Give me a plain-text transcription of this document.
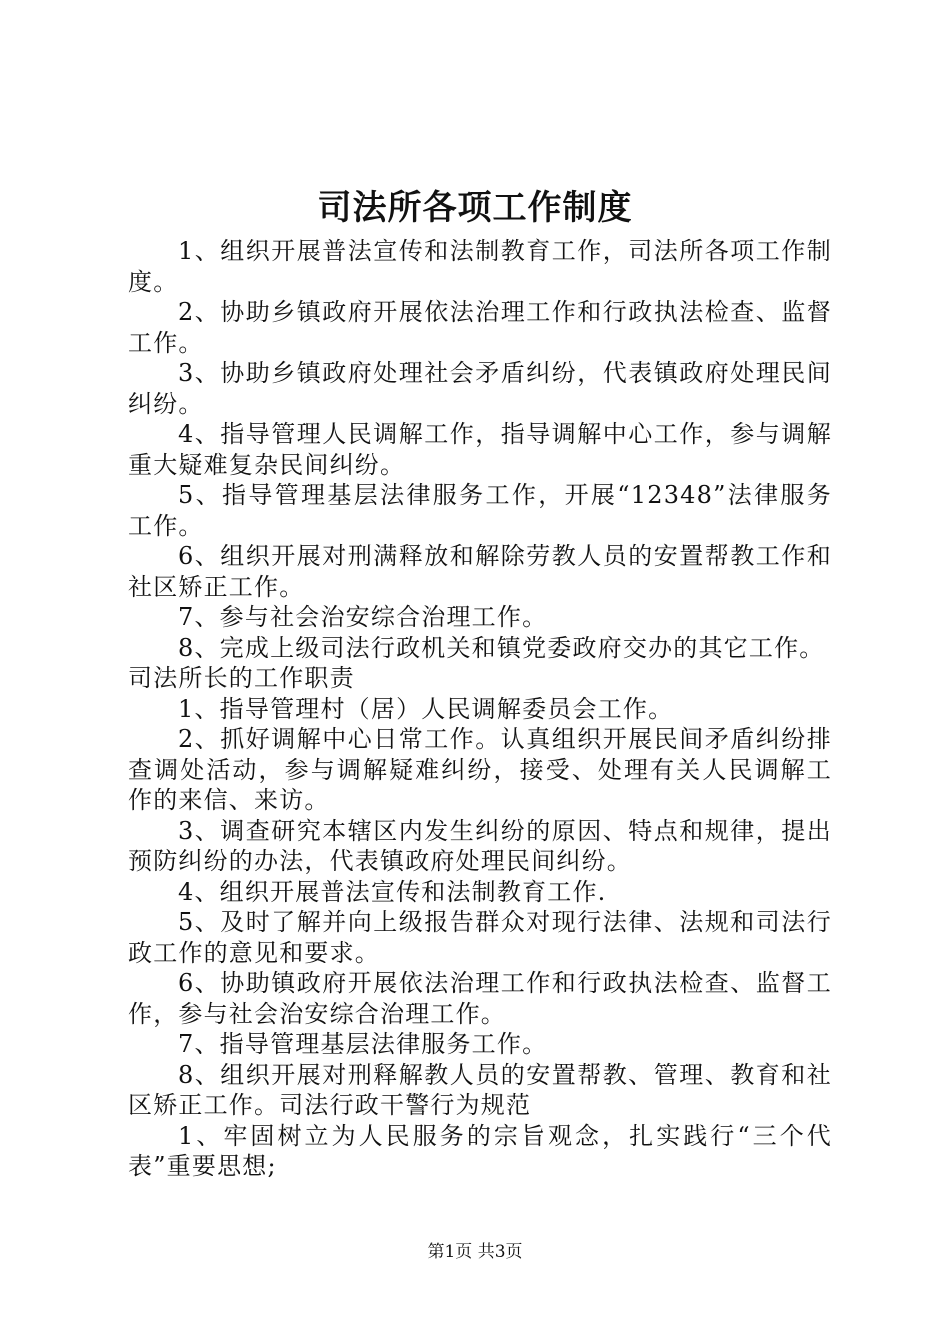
司法所各项工作制度

1、组织开展普法宣传和法制教育工作，司法所各项工作制度。

2、协助乡镇政府开展依法治理工作和行政执法检查、监督工作。

3、协助乡镇政府处理社会矛盾纠纷，代表镇政府处理民间纠纷。

4、指导管理人民调解工作，指导调解中心工作，参与调解重大疑难复杂民间纠纷。

5、指导管理基层法律服务工作，开展“12348”法律服务工作。

6、组织开展对刑满释放和解除劳教人员的安置帮教工作和社区矫正工作。

7、参与社会治安综合治理工作。

8、完成上级司法行政机关和镇党委政府交办的其它工作。

司法所长的工作职责

1、指导管理村（居）人民调解委员会工作。

2、抓好调解中心日常工作。认真组织开展民间矛盾纠纷排查调处活动，参与调解疑难纠纷，接受、处理有关人民调解工作的来信、来访。

3、调查研究本辖区内发生纠纷的原因、特点和规律，提出预防纠纷的办法，代表镇政府处理民间纠纷。

4、组织开展普法宣传和法制教育工作.

5、及时了解并向上级报告群众对现行法律、法规和司法行政工作的意见和要求。

6、协助镇政府开展依法治理工作和行政执法检查、监督工作，参与社会治安综合治理工作。

7、指导管理基层法律服务工作。

8、组织开展对刑释解教人员的安置帮教、管理、教育和社区矫正工作。司法行政干警行为规范

1、牢固树立为人民服务的宗旨观念，扎实践行“三个代表”重要思想;

第1页 共3页
